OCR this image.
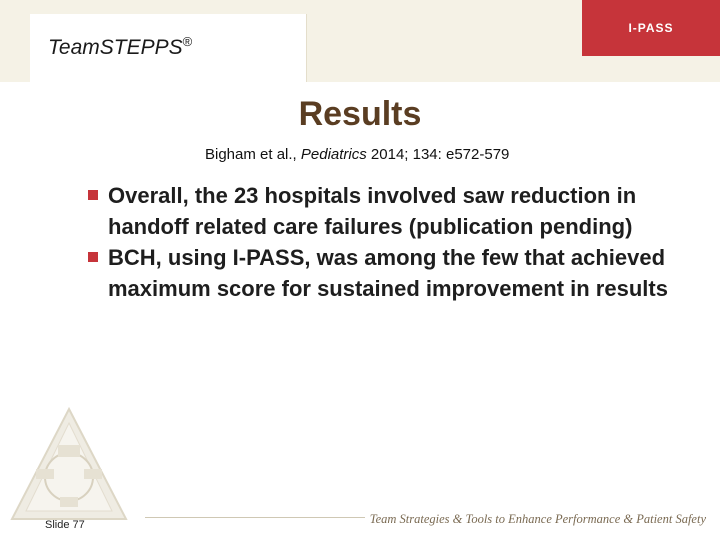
TeamSTEPPS®
I-PASS
Results
Bigham et al., Pediatrics 2014; 134: e572-579
Overall, the 23 hospitals involved saw reduction in handoff related care failures (publication pending)
BCH, using I-PASS, was among the few that achieved maximum score for sustained improvement in results
Slide 77	Team Strategies & Tools to Enhance Performance & Patient Safety
